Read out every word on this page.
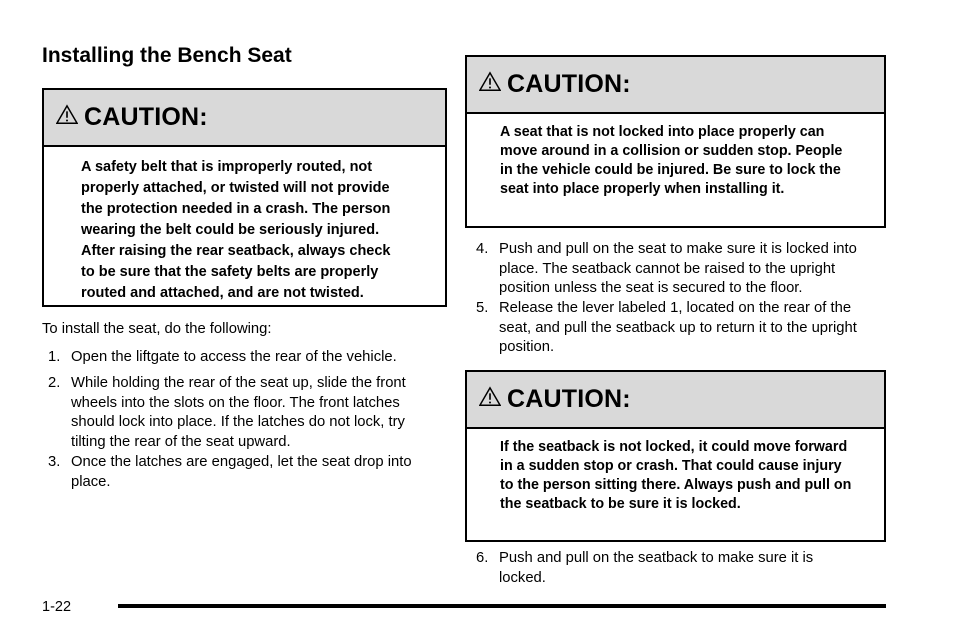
Installing the Bench Seat
CAUTION:

A safety belt that is improperly routed, not properly attached, or twisted will not provide the protection needed in a crash. The person wearing the belt could be seriously injured. After raising the rear seatback, always check to be sure that the safety belts are properly routed and attached, and are not twisted.

To install the seat, do the following:

1. Open the liftgate to access the rear of the vehicle.
2. While holding the rear of the seat up, slide the front wheels into the slots on the floor. The front latches should lock into place. If the latches do not lock, try tilting the rear of the seat upward.
3. Once the latches are engaged, let the seat drop into place.
CAUTION:

A seat that is not locked into place properly can move around in a collision or sudden stop. People in the vehicle could be injured. Be sure to lock the seat into place properly when installing it.

4. Push and pull on the seat to make sure it is locked into place. The seatback cannot be raised to the upright position unless the seat is secured to the floor.
5. Release the lever labeled 1, located on the rear of the seat, and pull the seatback up to return it to the upright position.
CAUTION:

If the seatback is not locked, it could move forward in a sudden stop or crash. That could cause injury to the person sitting there. Always push and pull on the seatback to be sure it is locked.

6. Push and pull on the seatback to make sure it is locked.
1-22
